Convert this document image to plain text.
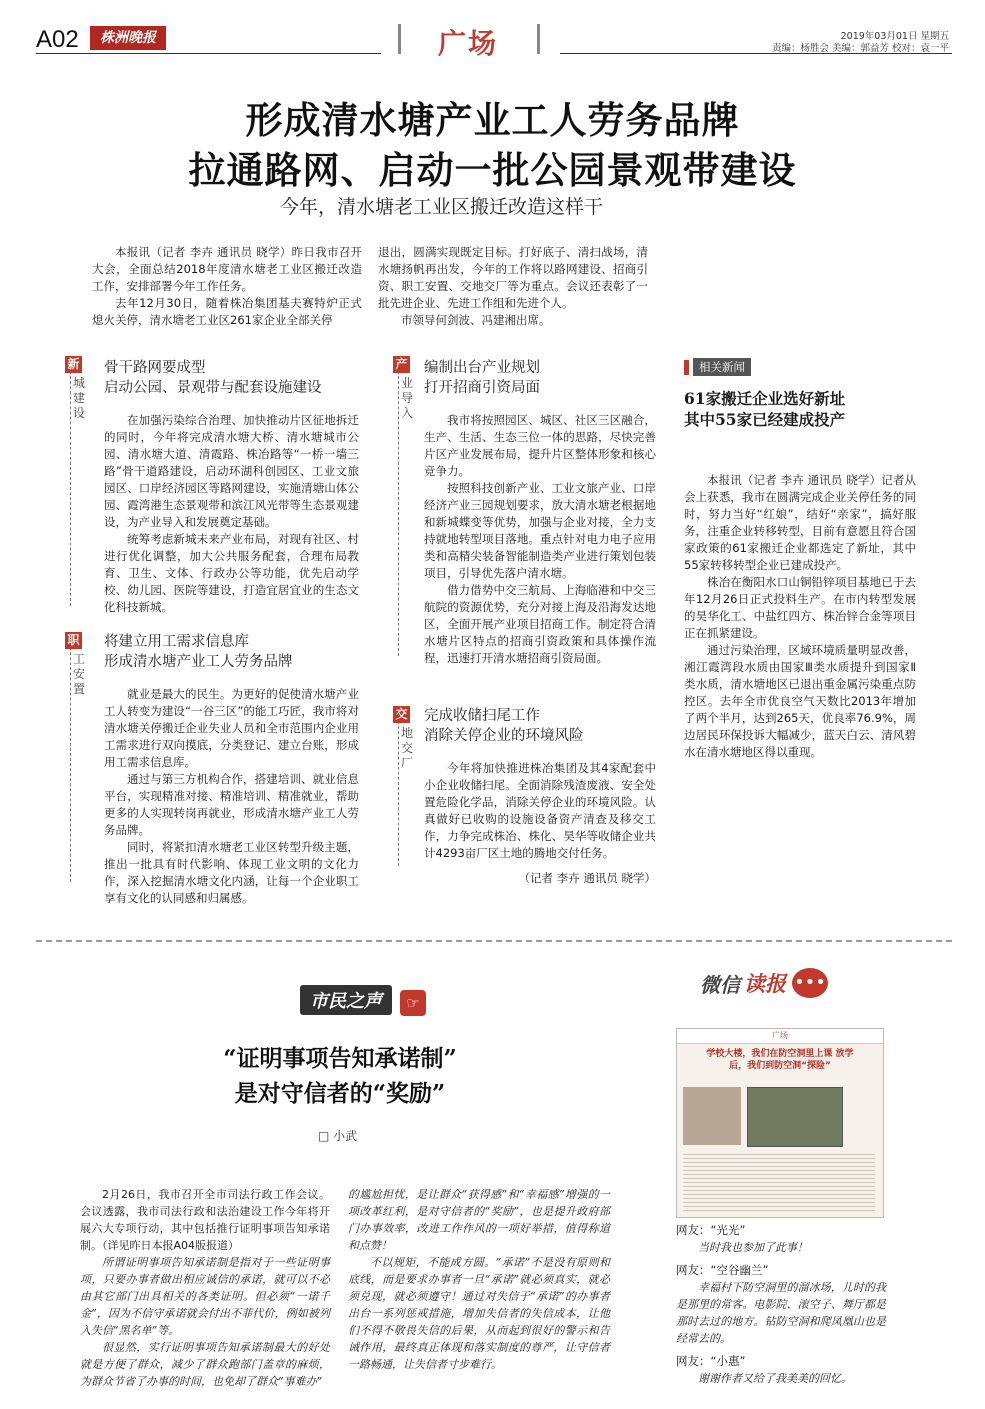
A02	株洲晚报	广场	2019年03月01日 星期五
责编：杨胜会 美编：郭益芳 校对：袁一平
形成清水塘产业工人劳务品牌
拉通路网、启动一批公园景观带建设
今年，清水塘老工业区搬迁改造这样干

本报讯（记者 李卉 通讯员 晓学）昨日我市召开大会，全面总结2018年度清水塘老工业区搬迁改造工作，安排部署今年工作任务。

去年12月30日，随着株冶集团基夫赛特炉正式熄火关停，清水塘老工业区261家企业全部关停

退出，圆满实现既定目标。打好底子、清扫战场，清水塘扬帆再出发，今年的工作将以路网建设、招商引资、职工安置、交地交厂等为重点。会议还表彰了一批先进企业、先进工作组和先进个人。

市领导何剑波、冯建湘出席。

新
城建设
骨干路网要成型
启动公园、景观带与配套设施建设

在加强污染综合治理、加快推动片区征地拆迁的同时，今年将完成清水塘大桥、清水塘城市公园、清水塘大道、清霞路、株冶路等“一桥一墙三路”骨干道路建设，启动环湖科创园区、工业文旅园区、口岸经济园区等路网建设，实施清塘山体公园、霞湾港生态景观带和滨江风光带等生态景观建设，为产业导入和发展奠定基础。

统筹考虑新城未来产业布局，对现有社区、村进行优化调整，加大公共服务配套，合理布局教育、卫生、文体、行政办公等功能，优先启动学校、幼儿园、医院等建设，打造宜居宜业的生态文化科技新城。

职
工安置
将建立用工需求信息库
形成清水塘产业工人劳务品牌

就业是最大的民生。为更好的促使清水塘产业工人转变为建设“一谷三区”的能工巧匠，我市将对清水塘关停搬迁企业失业人员和全市范围内企业用工需求进行双向摸底，分类登记、建立台账，形成用工需求信息库。

通过与第三方机构合作，搭建培训、就业信息平台，实现精准对接、精准培训、精准就业，帮助更多的人实现转岗再就业，形成清水塘产业工人劳务品牌。

同时，将紧扣清水塘老工业区转型升级主题，推出一批具有时代影响、体现工业文明的文化力作，深入挖掘清水塘文化内涵，让每一个企业职工享有文化的认同感和归属感。

产
业导入
编制出台产业规划
打开招商引资局面

我市将按照园区、城区、社区三区融合，生产、生活、生态三位一体的思路，尽快完善片区产业发展布局，提升片区整体形象和核心竞争力。

按照科技创新产业、工业文旅产业、口岸经济产业三园规划要求，放大清水塘老根据地和新城蝶变等优势，加强与企业对接，全力支持就地转型项目落地。重点针对电力电子应用类和高精尖装备智能制造类产业进行策划包装项目，引导优先落户清水塘。

借力借势中交三航局、上海临港和中交三航院的资源优势，充分对接上海及沿海发达地区，全面开展产业项目招商工作。制定符合清水塘片区特点的招商引资政策和具体操作流程，迅速打开清水塘招商引资局面。

交
地交厂
完成收储扫尾工作
消除关停企业的环境风险

今年将加快推进株冶集团及其4家配套中小企业收储扫尾。全面消除残渣废液、安全处置危险化学品，消除关停企业的环境风险。认真做好已收购的设施设备资产清查及移交工作，力争完成株冶、株化、昊华等收储企业共计4293亩厂区土地的腾地交付任务。

（记者 李卉 通讯员 晓学）
相关新闻
61家搬迁企业选好新址
其中55家已经建成投产

本报讯（记者 李卉 通讯员 晓学）记者从会上获悉，我市在圆满完成企业关停任务的同时，努力当好“红娘”，结好“亲家”，搞好服务，注重企业转移转型，目前有意愿且符合国家政策的61家搬迁企业都选定了新址，其中55家转移转型企业已建成投产。

株冶在衡阳水口山铜铅锌项目基地已于去年12月26日正式投料生产。在市内转型发展的昊华化工、中盐红四方、株冶锌合金等项目正在抓紧建设。

通过污染治理，区域环境质量明显改善，湘江霞湾段水质由国家Ⅲ类水质提升到国家Ⅱ类水质，清水塘地区已退出重金属污染重点防控区。去年全市优良空气天数比2013年增加了两个半月，达到265天，优良率76.9%，周边居民环保投诉大幅减少，蓝天白云、清风碧水在清水塘地区得以重现。

市民之声 ☞
“证明事项告知承诺制”
是对守信者的“奖励”
□ 小武

2月26日，我市召开全市司法行政工作会议。会议透露，我市司法行政和法治建设工作今年将开展六大专项行动，其中包括推行证明事项告知承诺制。（详见昨日本报A04版报道）

所谓证明事项告知承诺制是指对于一些证明事项，只要办事者做出相应诚信的承诺，就可以不必由其它部门出具相关的各类证明。但必须“一诺千金”，因为不信守承诺就会付出不菲代价，例如被列入失信“黑名单”等。

很显然，实行证明事项告知承诺制最大的好处就是方便了群众，减少了群众跑部门盖章的麻烦，为群众节省了办事的时间，也免却了群众“事难办”

的尴尬担忧，是让群众“获得感”和“幸福感”增强的一项改革红利，是对守信者的“奖励”，也是提升政府部门办事效率，改进工作作风的一项好举措，值得称道和点赞！

不以规矩，不能成方圆。“承诺”不是没有原则和底线，而是要求办事者一旦“承诺”就必须真实，就必须兑现，就必须遵守！通过对失信于“承诺”的办事者出台一系列惩戒措施，增加失信者的失信成本，让他们不得不敬畏失信的后果，从而起到很好的警示和告诫作用，最终真正体现和落实制度的尊严，让守信者一路畅通，让失信者寸步难行。

微信 读报 •••
广场
学校大楼，我们在防空洞里上课 放学后，我们到防空洞“探险”
网友：“光光”
当时我也参加了此事！
网友：“空谷幽兰”
幸福村下防空洞里的溜冰场，儿时的我是那里的常客。电影院、滚空子、舞厅都是那时去过的地方。钻防空洞和爬凤凰山也是经常去的。
网友：“小惠”
谢谢作者又给了我美美的回忆。
